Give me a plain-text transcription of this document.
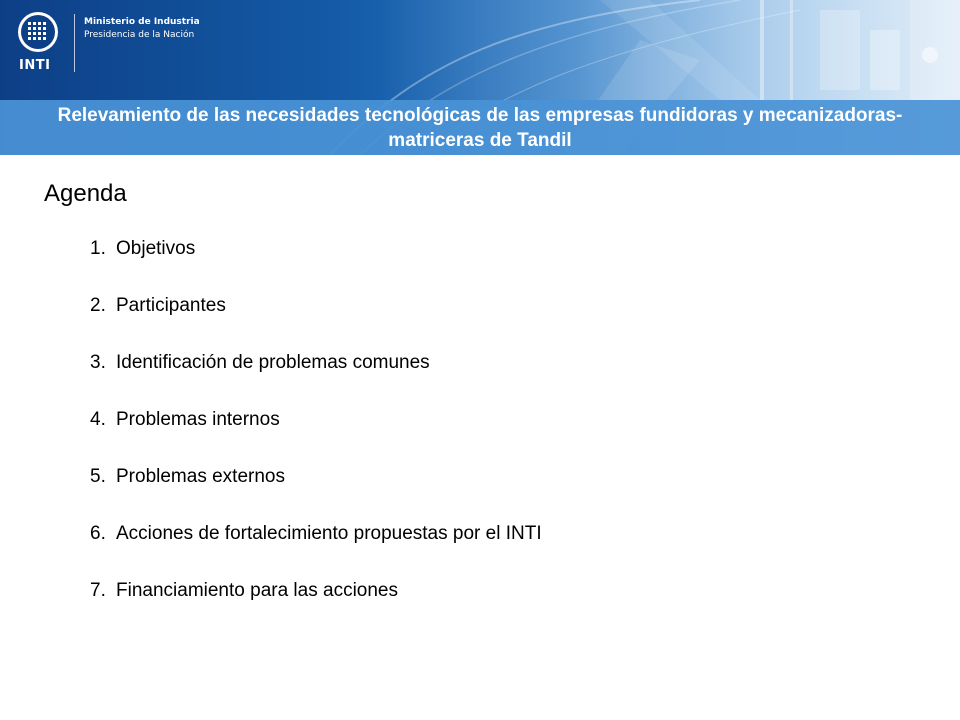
INTI
Ministerio de Industria
Presidencia de la Nación
Relevamiento de las necesidades tecnológicas de las empresas fundidoras y mecanizadoras-matriceras de Tandil
Agenda
1. Objetivos
2. Participantes
3. Identificación de problemas comunes
4. Problemas internos
5. Problemas externos
6. Acciones de fortalecimiento propuestas por el INTI
7. Financiamiento para las acciones
